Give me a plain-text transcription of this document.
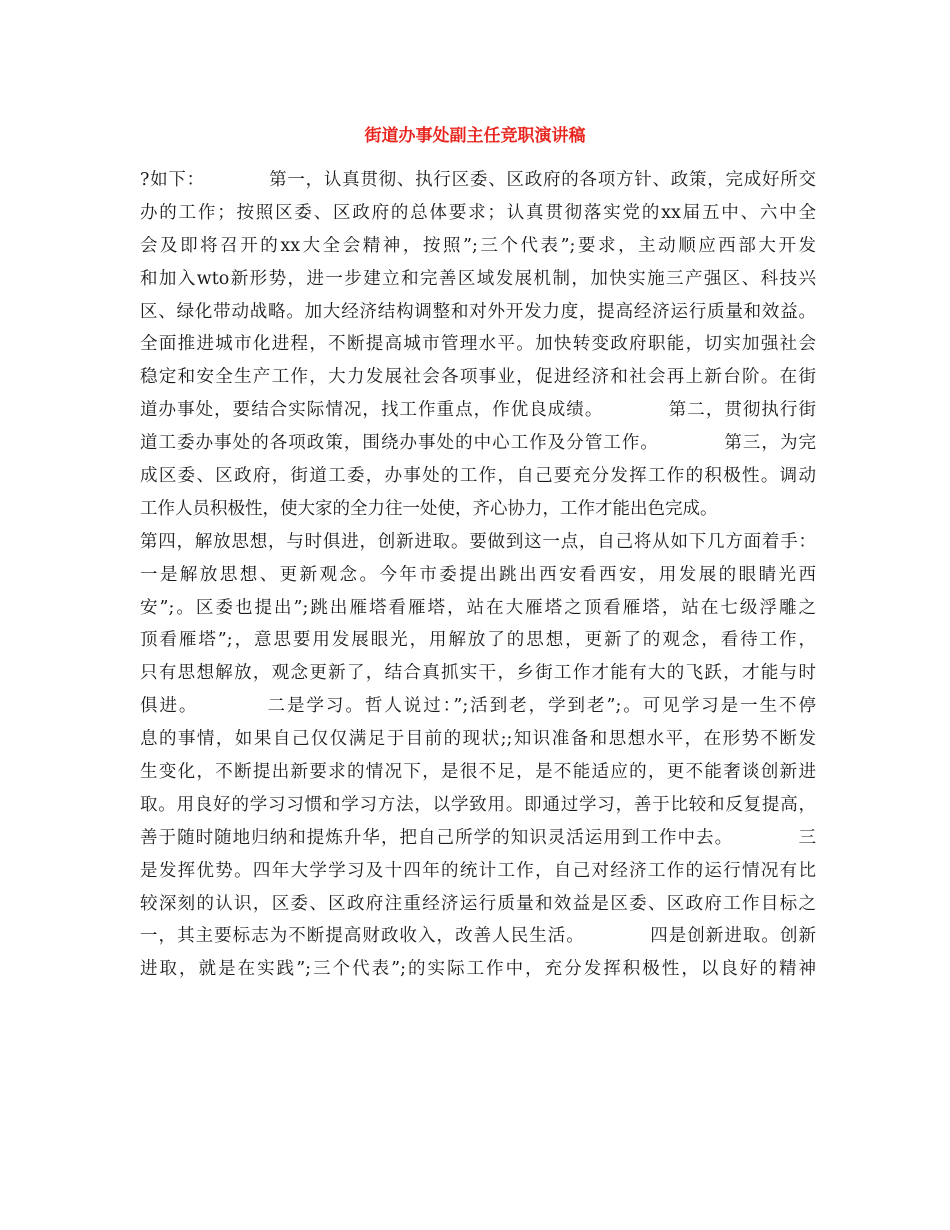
街道办事处副主任竞职演讲稿
?如下：　　　　第一，认真贯彻、执行区委、区政府的各项方针、政策，完成好所交
办的工作；按照区委、区政府的总体要求；认真贯彻落实党的xx届五中、六中全
会及即将召开的xx大全会精神，按照”;三个代表”;要求，主动顺应西部大开发
和加入wto新形势，进一步建立和完善区域发展机制，加快实施三产强区、科技兴
区、绿化带动战略。加大经济结构调整和对外开发力度，提高经济运行质量和效益。
全面推进城市化进程，不断提高城市管理水平。加快转变政府职能，切实加强社会
稳定和安全生产工作，大力发展社会各项事业，促进经济和社会再上新台阶。在街
道办事处，要结合实际情况，找工作重点，作优良成绩。　　　　第二，贯彻执行街
道工委办事处的各项政策，围绕办事处的中心工作及分管工作。　　　　第三，为完
成区委、区政府，街道工委，办事处的工作，自己要充分发挥工作的积极性。调动
工作人员积极性，使大家的全力往一处使，齐心协力，工作才能出色完成。
第四，解放思想，与时俱进，创新进取。要做到这一点，自己将从如下几方面着手：
一是解放思想、更新观念。今年市委提出跳出西安看西安，用发展的眼睛光西
安”;。区委也提出”;跳出雁塔看雁塔，站在大雁塔之顶看雁塔，站在七级浮雕之
顶看雁塔”;，意思要用发展眼光，用解放了的思想，更新了的观念，看待工作，
只有思想解放，观念更新了，结合真抓实干，乡街工作才能有大的飞跃，才能与时
俱进。　　　　二是学习。哲人说过：”;活到老，学到老”;。可见学习是一生不停
息的事情，如果自己仅仅满足于目前的现状;;知识准备和思想水平，在形势不断发
生变化，不断提出新要求的情况下，是很不足，是不能适应的，更不能奢谈创新进
取。用良好的学习习惯和学习方法，以学致用。即通过学习，善于比较和反复提高，
善于随时随地归纳和提炼升华，把自己所学的知识灵活运用到工作中去。　　　　三
是发挥优势。四年大学学习及十四年的统计工作，自己对经济工作的运行情况有比
较深刻的认识，区委、区政府注重经济运行质量和效益是区委、区政府工作目标之
一，其主要标志为不断提高财政收入，改善人民生活。　　　　四是创新进取。创新
进取，就是在实践”;三个代表”;的实际工作中，充分发挥积极性，以良好的精神
